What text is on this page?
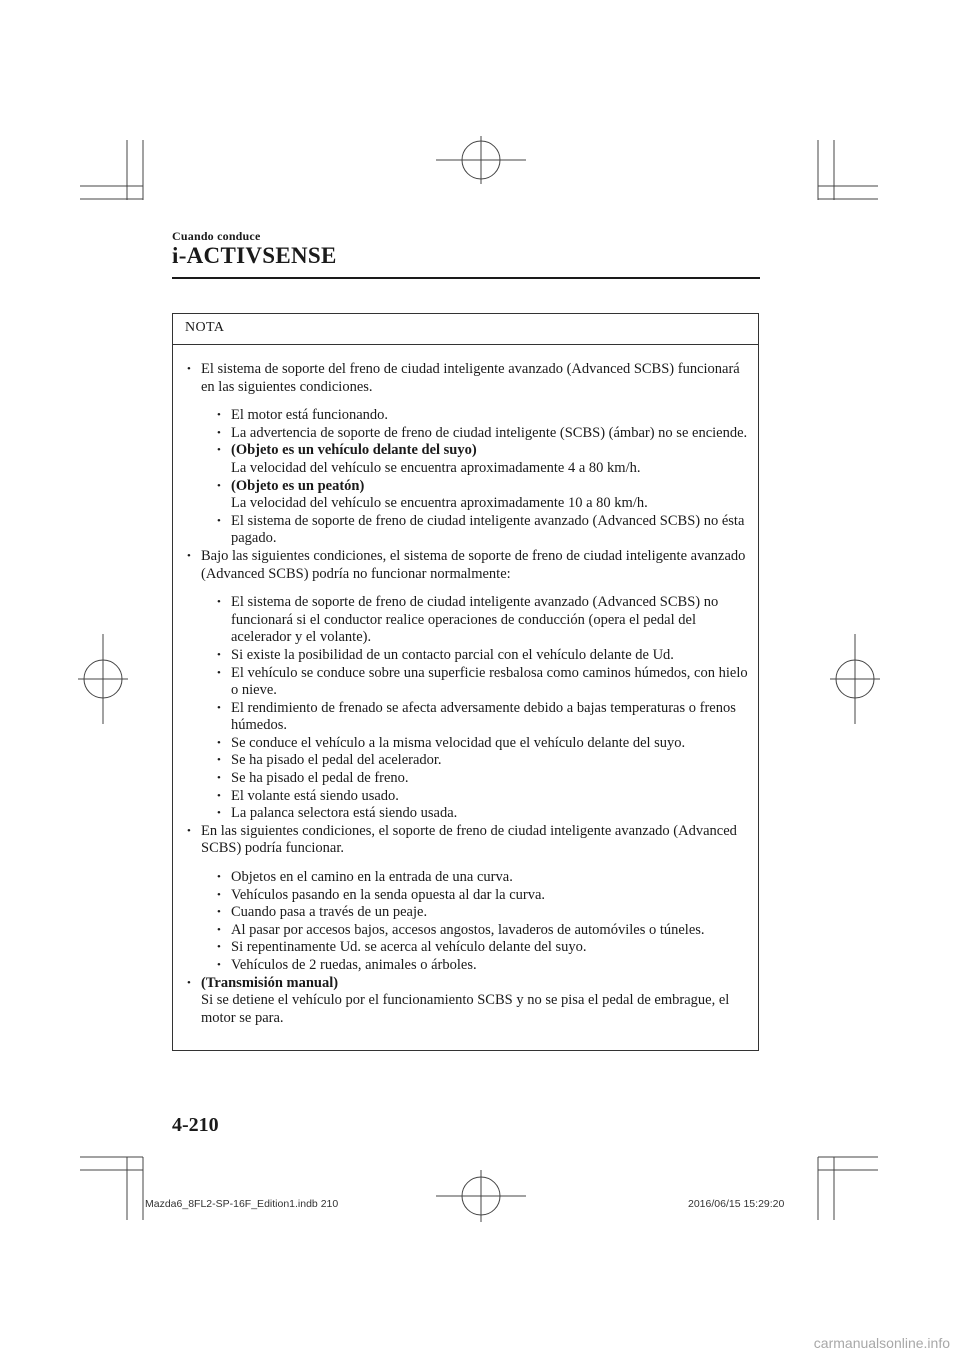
Cuando conduce
i-ACTIVSENSE
NOTA
• El sistema de soporte del freno de ciudad inteligente avanzado (Advanced SCBS) funcionará en las siguientes condiciones.
• El motor está funcionando.
• La advertencia de soporte de freno de ciudad inteligente (SCBS) (ámbar) no se enciende.
• (Objeto es un vehículo delante del suyo)
La velocidad del vehículo se encuentra aproximadamente 4 a 80 km/h.
• (Objeto es un peatón)
La velocidad del vehículo se encuentra aproximadamente 10 a 80 km/h.
• El sistema de soporte de freno de ciudad inteligente avanzado (Advanced SCBS) no ésta pagado.
• Bajo las siguientes condiciones, el sistema de soporte de freno de ciudad inteligente avanzado (Advanced SCBS) podría no funcionar normalmente:
• El sistema de soporte de freno de ciudad inteligente avanzado (Advanced SCBS) no funcionará si el conductor realice operaciones de conducción (opera el pedal del acelerador y el volante).
• Si existe la posibilidad de un contacto parcial con el vehículo delante de Ud.
• El vehículo se conduce sobre una superficie resbalosa como caminos húmedos, con hielo o nieve.
• El rendimiento de frenado se afecta adversamente debido a bajas temperaturas o frenos húmedos.
• Se conduce el vehículo a la misma velocidad que el vehículo delante del suyo.
• Se ha pisado el pedal del acelerador.
• Se ha pisado el pedal de freno.
• El volante está siendo usado.
• La palanca selectora está siendo usada.
• En las siguientes condiciones, el soporte de freno de ciudad inteligente avanzado (Advanced SCBS) podría funcionar.
• Objetos en el camino en la entrada de una curva.
• Vehículos pasando en la senda opuesta al dar la curva.
• Cuando pasa a través de un peaje.
• Al pasar por accesos bajos, accesos angostos, lavaderos de automóviles o túneles.
• Si repentinamente Ud. se acerca al vehículo delante del suyo.
• Vehículos de 2 ruedas, animales o árboles.
• (Transmisión manual)
Si se detiene el vehículo por el funcionamiento SCBS y no se pisa el pedal de embrague, el motor se para.
4-210
Mazda6_8FL2-SP-16F_Edition1.indb 210	2016/06/15 15:29:20
carmanualsonline.info
